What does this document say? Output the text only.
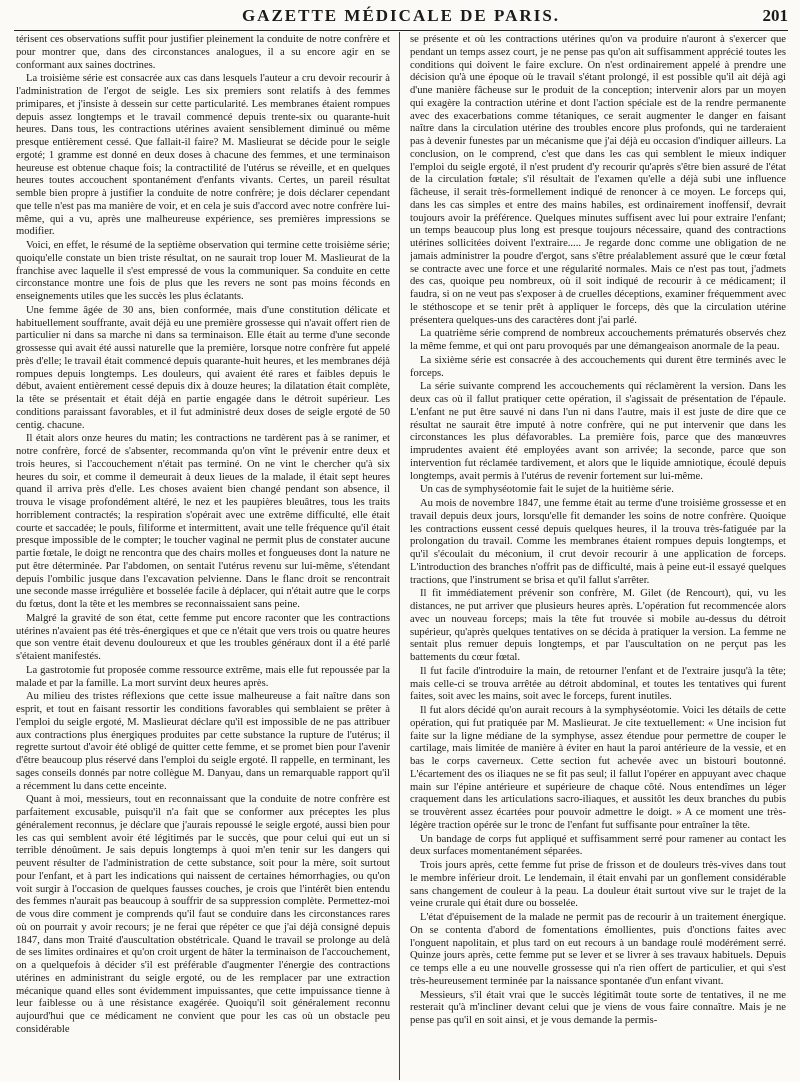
GAZETTE MÉDICALE DE PARIS.	201

térisent ces observations suffit pour justifier pleinement la conduite de notre confrère et pour montrer que, dans des circonstances analogues, il a su encore agir en se conformant aux saines doctrines.

La troisième série est consacrée aux cas dans lesquels l'auteur a cru devoir recourir à l'administration de l'ergot de seigle. Les six premiers sont relatifs à des femmes primipares, et j'insiste à dessein sur cette particularité. Les membranes étaient rompues depuis assez longtemps et le travail commencé depuis trente-six ou quarante-huit heures. Dans tous, les contractions utérines avaient sensiblement diminué ou même presque entièrement cessé. Que fallait-il faire? M. Maslieurat se décide pour le seigle ergoté; 1 gramme est donné en deux doses à chacune des femmes, et une terminaison heureuse est obtenue chaque fois; la contractilité de l'utérus se réveille, et en quelques heures toutes accouchent spontanément d'enfants vivants. Certes, un pareil résultat semble bien propre à justifier la conduite de notre confrère; je dois déclarer cependant que telle n'est pas ma manière de voir, et en cela je suis d'accord avec notre confrère lui-même, qui a vu, après une malheureuse expérience, ses premières impressions se modifier.

Voici, en effet, le résumé de la septième observation qui termine cette troisième série; quoiqu'elle constate un bien triste résultat, on ne saurait trop louer M. Maslieurat de la franchise avec laquelle il s'est empressé de vous la communiquer. Sa conduite en cette circonstance montre une fois de plus que les revers ne sont pas moins féconds en enseignements utiles que les succès les plus éclatants.

Une femme âgée de 30 ans, bien conformée, mais d'une constitution délicate et habituellement souffrante, avait déjà eu une première grossesse qui n'avait offert rien de particulier ni dans sa marche ni dans sa terminaison. Elle était au terme d'une seconde grossesse qui avait été aussi naturelle que la première, lorsque notre confrère fut appelé près d'elle; le travail était commencé depuis quarante-huit heures, et les membranes déjà rompues depuis longtemps. Les douleurs, qui avaient été rares et faibles depuis le début, avaient entièrement cessé depuis dix à douze heures; la dilatation était complète, la tête se présentait et était déjà en partie engagée dans le détroit supérieur. Les conditions paraissant favorables, et il fut administré deux doses de seigle ergoté de 50 centig. chacune.

Il était alors onze heures du matin; les contractions ne tardèrent pas à se ranimer, et notre confrère, forcé de s'absenter, recommanda qu'on vînt le prévenir entre deux et trois heures, si l'accouchement n'était pas terminé. On ne vint le chercher qu'à six heures du soir, et comme il demeurait à deux lieues de la malade, il était sept heures quand il arriva près d'elle. Les choses avaient bien changé pendant son absence, il trouva le visage profondément altéré, le nez et les paupières bleuâtres, tous les traits horriblement contractés; la respiration s'opérait avec une extrême difficulté, elle était courte et saccadée; le pouls, filiforme et intermittent, avait une telle fréquence qu'il était presque impossible de le compter; le toucher vaginal ne permit plus de constater aucune partie fœtale, le doigt ne rencontra que des chairs molles et fongueuses dont la nature ne put être déterminée. Par l'abdomen, on sentait l'utérus revenu sur lui-même, s'étendant depuis l'ombilic jusque dans l'excavation pelvienne. Dans le flanc droit se rencontrait une seconde masse irrégulière et bosselée facile à déplacer, qui n'était autre que le corps du fœtus, dont la tête et les membres se reconnaissaient sans peine.

Malgré la gravité de son état, cette femme put encore raconter que les contractions utérines n'avaient pas été très-énergiques et que ce n'était que vers trois ou quatre heures que son ventre était devenu douloureux et que les troubles généraux dont il a été parlé s'étaient manifestés.

La gastrotomie fut proposée comme ressource extrême, mais elle fut repoussée par la malade et par la famille. La mort survint deux heures après.

Au milieu des tristes réflexions que cette issue malheureuse a fait naître dans son esprit, et tout en faisant ressortir les conditions favorables qui semblaient se prêter à l'emploi du seigle ergoté, M. Maslieurat déclare qu'il est impossible de ne pas attribuer aux contractions plus énergiques produites par cette substance la rupture de l'utérus; il regrette surtout d'avoir été obligé de quitter cette femme, et se promet bien pour l'avenir d'être beaucoup plus réservé dans l'emploi du seigle ergoté. Il rappelle, en terminant, les sages conseils donnés par notre collègue M. Danyau, dans un remarquable rapport qu'il a récemment lu dans cette enceinte.

Quant à moi, messieurs, tout en reconnaissant que la conduite de notre confrère est parfaitement excusable, puisqu'il n'a fait que se conformer aux préceptes les plus généralement reconnus, je déclare que j'aurais repoussé le seigle ergoté, aussi bien pour les cas qui semblent avoir été légitimés par le succès, que pour celui qui eut un si terrible dénoûment. Je sais depuis longtemps à quoi m'en tenir sur les dangers qui peuvent résulter de l'administration de cette substance, soit pour la mère, soit surtout pour l'enfant, et à part les indications qui naissent de certaines hémorrhagies, ou qu'on voit surgir à l'occasion de quelques fausses couches, je crois que l'intérêt bien entendu des femmes n'aurait pas beaucoup à souffrir de sa suppression complète. Permettez-moi de vous dire comment je comprends qu'il faut se conduire dans les circonstances rares où on pourrait y avoir recours; je ne ferai que répéter ce que j'ai déjà consigné depuis 1847, dans mon Traité d'auscultation obstétricale. Quand le travail se prolonge au delà de ses limites ordinaires et qu'on croit urgent de hâter la terminaison de l'accouchement, on a quelquefois à décider s'il est préférable d'augmenter l'énergie des contractions utérines en administrant du seigle ergoté, ou de les remplacer par une extraction mécanique quand elles sont évidemment impuissantes, que cette impuissance tienne à leur faiblesse ou à une résistance exagérée. Quoiqu'il soit généralement reconnu aujourd'hui que ce médicament ne convient que pour les cas où un obstacle peu considérable

se présente et où les contractions utérines qu'on va produire n'auront à s'exercer que pendant un temps assez court, je ne pense pas qu'on ait suffisamment apprécié toutes les conditions qui doivent le faire exclure. On n'est ordinairement appelé à prendre une décision qu'à une époque où le travail s'étant prolongé, il est possible qu'il ait déjà agi d'une manière fâcheuse sur le produit de la conception; intervenir alors par un moyen qui exagère la contraction utérine et dont l'action spéciale est de la rendre permanente avec des exacerbations comme tétaniques, ce serait augmenter le danger en faisant naître dans la circulation utérine des troubles encore plus profonds, qui ne tarderaient pas à devenir funestes par un mécanisme que j'ai déjà eu occasion d'indiquer ailleurs. La conclusion, on le comprend, c'est que dans les cas qui semblent le mieux indiquer l'emploi du seigle ergoté, il n'est prudent d'y recourir qu'après s'être bien assuré de l'état de la circulation fœtale; s'il résultait de l'examen qu'elle a déjà subi une influence fâcheuse, il serait très-formellement indiqué de renoncer à ce moyen. Le forceps qui, dans les cas simples et entre des mains habiles, est ordinairement inoffensif, devrait toujours avoir la préférence. Quelques minutes suffisent avec lui pour extraire l'enfant; un temps beaucoup plus long est presque toujours nécessaire, quand des contractions utérines sollicitées doivent l'extraire..... Je regarde donc comme une obligation de ne jamais administrer la poudre d'ergot, sans s'être préalablement assuré que le cœur fœtal se contracte avec une force et une régularité normales. Mais ce n'est pas tout, j'admets des cas, quoique peu nombreux, où il soit indiqué de recourir à ce médicament; il faudra, si on ne veut pas s'exposer à de cruelles déceptions, examiner fréquemment avec le stéthoscope et se tenir prêt à appliquer le forceps, dès que la circulation utérine présentera quelques-uns des caractères dont j'ai parlé.

La quatrième série comprend de nombreux accouchements prématurés observés chez la même femme, et qui ont paru provoqués par une démangeaison anormale de la peau.

La sixième série est consacrée à des accouchements qui durent être terminés avec le forceps.

La série suivante comprend les accouchements qui réclamèrent la version. Dans les deux cas où il fallut pratiquer cette opération, il s'agissait de présentation de l'épaule. L'enfant ne put être sauvé ni dans l'un ni dans l'autre, mais il est juste de dire que ce résultat ne saurait être imputé à notre confrère, qui ne put intervenir que dans les circonstances les plus défavorables. La première fois, parce que des manœuvres imprudentes avaient été employées avant son arrivée; la seconde, parce que son intervention fut réclamée tardivement, et alors que le liquide amniotique, écoulé depuis longtemps, avait permis à l'utérus de revenir fortement sur lui-même.

Un cas de symphyséotomie fait le sujet de la huitième série.

Au mois de novembre 1847, une femme était au terme d'une troisième grossesse et en travail depuis deux jours, lorsqu'elle fit demander les soins de notre confrère. Quoique les contractions eussent cessé depuis quelques heures, il la trouva très-fatiguée par la prolongation du travail. Comme les membranes étaient rompues depuis longtemps, et qu'il s'écoulait du méconium, il crut devoir recourir à une application de forceps. L'introduction des branches n'offrit pas de difficulté, mais à peine eut-il essayé quelques tractions, que l'instrument se brisa et qu'il fallut s'arrêter.

Il fit immédiatement prévenir son confrère, M. Gilet (de Rencourt), qui, vu les distances, ne put arriver que plusieurs heures après. L'opération fut recommencée alors avec un nouveau forceps; mais la tête fut trouvée si mobile au-dessus du détroit supérieur, qu'après quelques tentatives on se décida à pratiquer la version. La femme ne sentait plus remuer depuis longtemps, et par l'auscultation on ne perçut pas les battements du cœur fœtal.

Il fut facile d'introduire la main, de retourner l'enfant et de l'extraire jusqu'à la tête; mais celle-ci se trouva arrêtée au détroit abdominal, et toutes les tentatives qui furent faites, soit avec les mains, soit avec le forceps, furent inutiles.

Il fut alors décidé qu'on aurait recours à la symphyséotomie. Voici les détails de cette opération, qui fut pratiquée par M. Maslieurat. Je cite textuellement: « Une incision fut faite sur la ligne médiane de la symphyse, assez étendue pour permettre de couper le cartilage, mais limitée de manière à éviter en haut la paroi antérieure de la vessie, et en bas le corps caverneux. Cette section fut achevée avec un bistouri boutonné. L'écartement des os iliaques ne se fit pas seul; il fallut l'opérer en appuyant avec chaque main sur l'épine antérieure et supérieure de chaque côté. Nous entendîmes un léger craquement dans les articulations sacro-iliaques, et aussitôt les deux branches du pubis se trouvèrent assez écartées pour pouvoir admettre le doigt. » A ce moment une très-légère traction opérée sur le tronc de l'enfant fut suffisante pour entraîner la tête.

Un bandage de corps fut appliqué et suffisamment serré pour ramener au contact les deux surfaces momentanément séparées.

Trois jours après, cette femme fut prise de frisson et de douleurs très-vives dans tout le membre inférieur droit. Le lendemain, il était envahi par un gonflement considérable sans changement de couleur à la peau. La douleur était surtout vive sur le trajet de la veine crurale qui était dure ou bosselée.

L'état d'épuisement de la malade ne permit pas de recourir à un traitement énergique. On se contenta d'abord de fomentations émollientes, puis d'onctions faites avec l'onguent napolitain, et plus tard on eut recours à un bandage roulé modérément serré. Quinze jours après, cette femme put se lever et se livrer à ses travaux habituels. Depuis ce temps elle a eu une nouvelle grossesse qui n'a rien offert de particulier, et qui s'est très-heureusement terminée par la naissance spontanée d'un enfant vivant.

Messieurs, s'il était vrai que le succès légitimât toute sorte de tentatives, il ne me resterait qu'à m'incliner devant celui que je viens de vous faire connaître. Mais je ne pense pas qu'il en soit ainsi, et je vous demande la permis-
